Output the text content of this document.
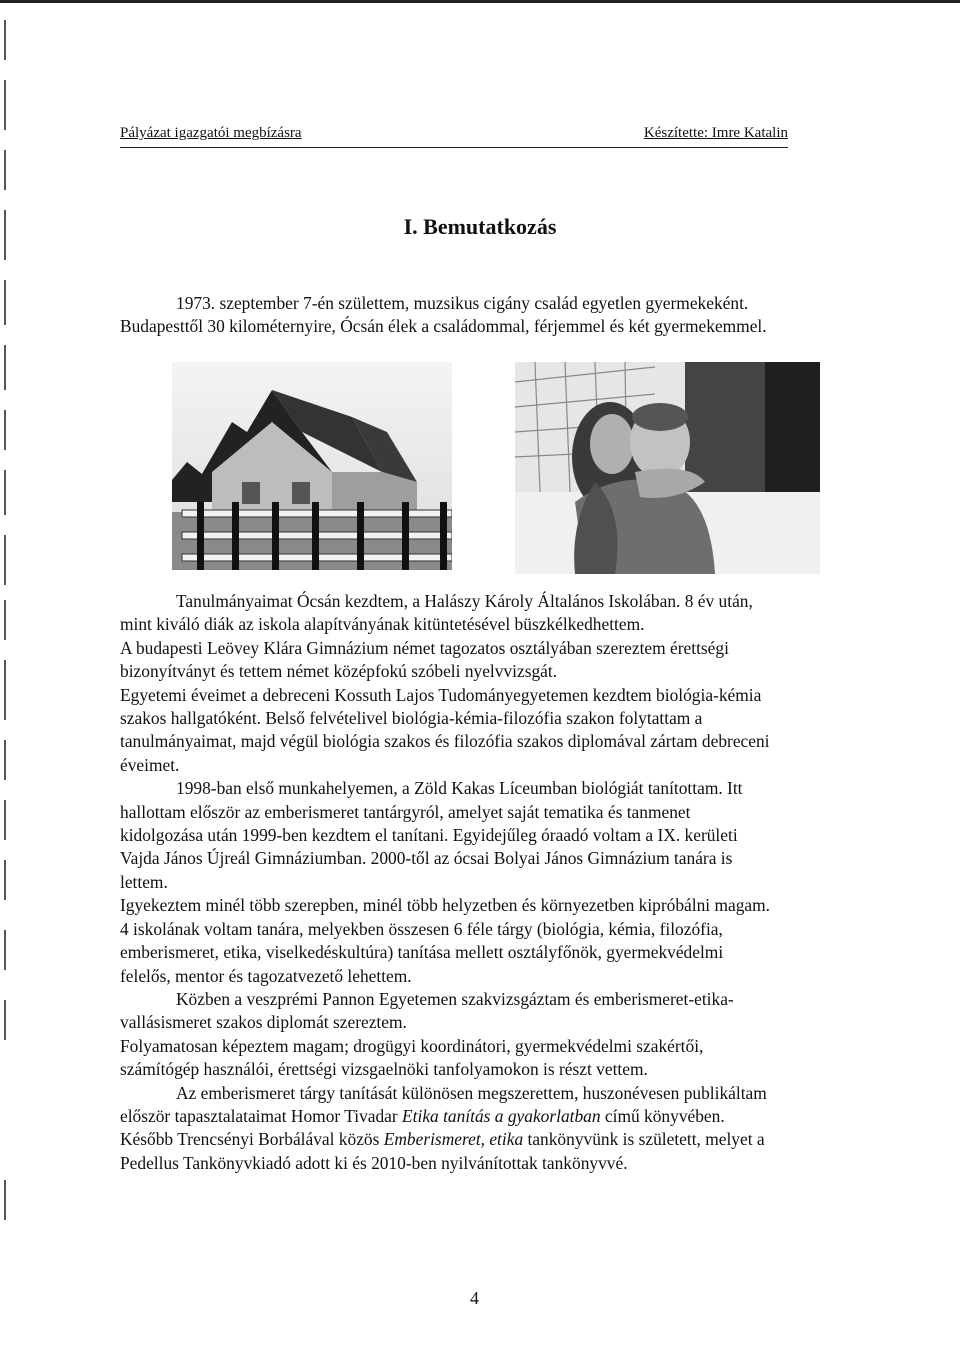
Pályázat igazgatói megbízásra	Készítette: Imre Katalin
I. Bemutatkozás
1973. szeptember 7-én születtem, muzsikus cigány család egyetlen gyermekeként.
Budapesttől 30 kilométernyire, Ócsán élek a családommal, férjemmel és két gyermekemmel.
Tanulmányaimat Ócsán kezdtem, a Halászy Károly Általános Iskolában. 8 év után,
mint kiváló diák az iskola alapítványának kitüntetésével büszkélkedhettem.
A budapesti Leövey Klára Gimnázium német tagozatos osztályában szereztem érettségi
bizonyítványt és tettem német középfokú szóbeli nyelvvizsgát.
Egyetemi éveimet a debreceni Kossuth Lajos Tudományegyetemen kezdtem biológia-kémia
szakos hallgatóként. Belső felvételivel biológia-kémia-filozófia szakon folytattam a
tanulmányaimat, majd végül biológia szakos és filozófia szakos diplomával zártam debreceni
éveimet.
1998-ban első munkahelyemen, a Zöld Kakas Líceumban biológiát tanítottam. Itt
hallottam először az emberismeret tantárgyról, amelyet saját tematika és tanmenet
kidolgozása után 1999-ben kezdtem el tanítani. Egyidejűleg óraadó voltam a IX. kerületi
Vajda János Újreál Gimnáziumban. 2000-től az ócsai Bolyai János Gimnázium tanára is
lettem.
Igyekeztem minél több szerepben, minél több helyzetben és környezetben kipróbálni magam.
4 iskolának voltam tanára, melyekben összesen 6 féle tárgy (biológia, kémia, filozófia,
emberismeret, etika, viselkedéskultúra) tanítása mellett osztályfőnök, gyermekvédelmi
felelős, mentor és tagozatvezető lehettem.
Közben a veszprémi Pannon Egyetemen szakvizsgáztam és emberismeret-etika-
vallásismeret szakos diplomát szereztem.
Folyamatosan képeztem magam; drogügyi koordinátori, gyermekvédelmi szakértői,
számítógép használói, érettségi vizsgaelnöki tanfolyamokon is részt vettem.
Az emberismeret tárgy tanítását különösen megszerettem, huszonévesen publikáltam
először tapasztalataimat Homor Tivadar Etika tanítás a gyakorlatban című könyvében.
Később Trencsényi Borbálával közös Emberismeret, etika tankönyvünk is született, melyet a
Pedellus Tankönyvkiadó adott ki és 2010-ben nyilvánítottak tankönyvvé.
4
